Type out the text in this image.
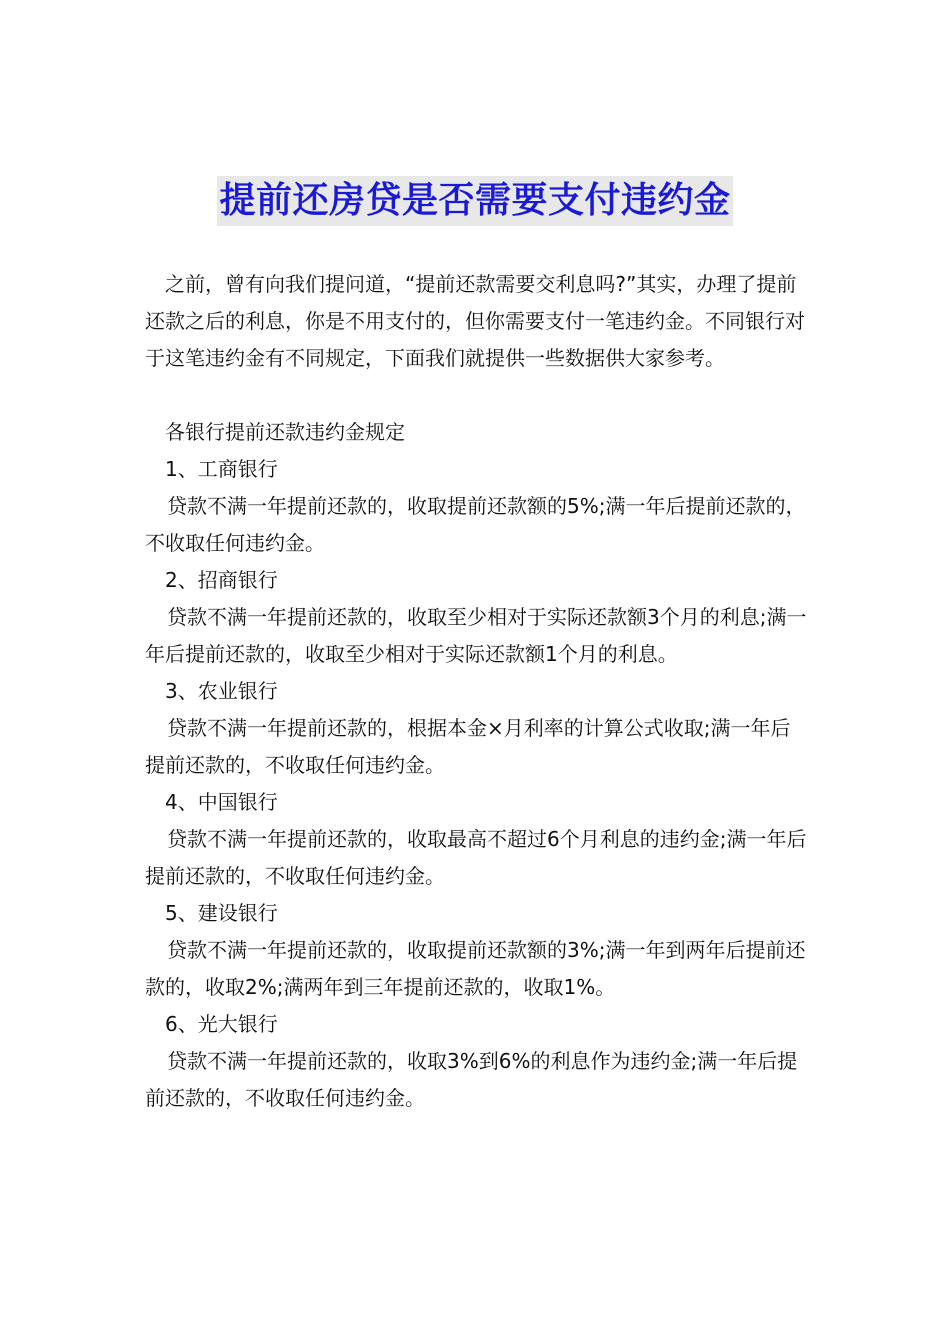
提前还房贷是否需要支付违约金

之前，曾有向我们提问道，“提前还款需要交利息吗?”其实，办理了提前还款之后的利息，你是不用支付的，但你需要支付一笔违约金。不同银行对于这笔违约金有不同规定，下面我们就提供一些数据供大家参考。

各银行提前还款违约金规定

1、工商银行

贷款不满一年提前还款的，收取提前还款额的5%;满一年后提前还款的，不收取任何违约金。

2、招商银行

贷款不满一年提前还款的，收取至少相对于实际还款额3个月的利息;满一年后提前还款的，收取至少相对于实际还款额1个月的利息。

3、农业银行

贷款不满一年提前还款的，根据本金×月利率的计算公式收取;满一年后提前还款的，不收取任何违约金。

4、中国银行

贷款不满一年提前还款的，收取最高不超过6个月利息的违约金;满一年后提前还款的，不收取任何违约金。

5、建设银行

贷款不满一年提前还款的，收取提前还款额的3%;满一年到两年后提前还款的，收取2%;满两年到三年提前还款的，收取1%。

6、光大银行

贷款不满一年提前还款的，收取3%到6%的利息作为违约金;满一年后提前还款的，不收取任何违约金。
